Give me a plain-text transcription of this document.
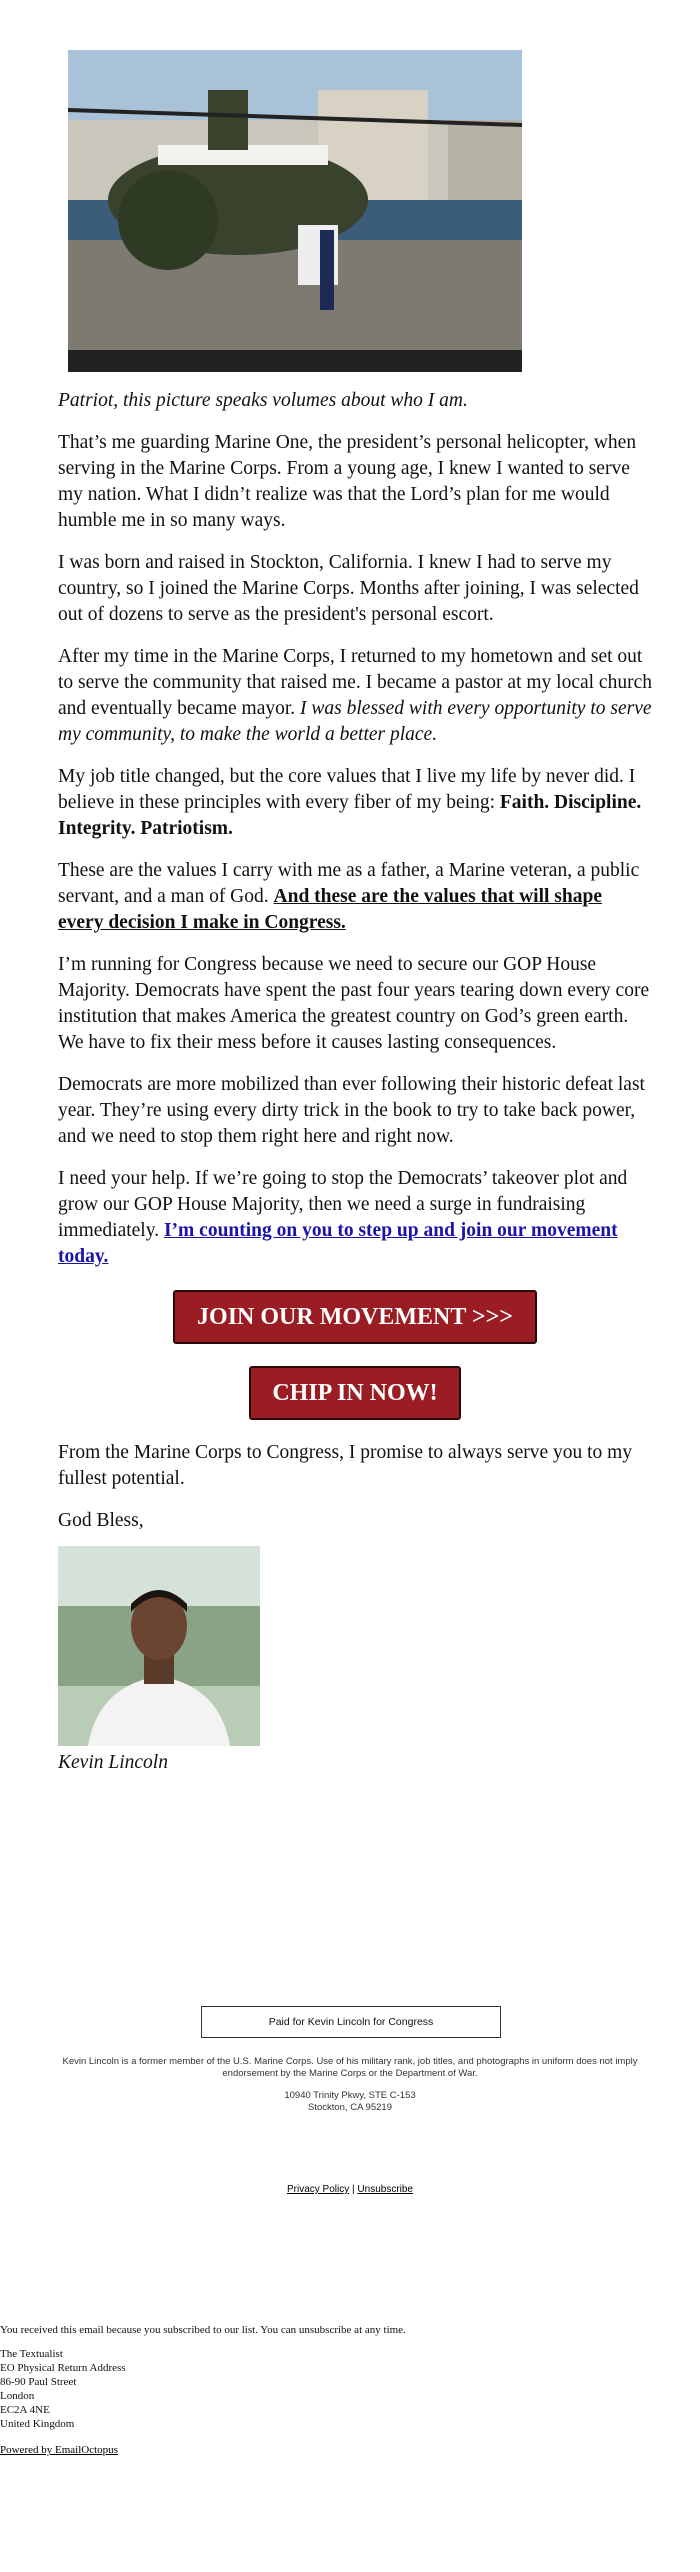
Patriot, this picture speaks volumes about who I am.

That’s me guarding Marine One, the president’s personal helicopter, when serving in the Marine Corps. From a young age, I knew I wanted to serve my nation. What I didn’t realize was that the Lord’s plan for me would humble me in so many ways.

I was born and raised in Stockton, California. I knew I had to serve my country, so I joined the Marine Corps. Months after joining, I was selected out of dozens to serve as the president's personal escort.

After my time in the Marine Corps, I returned to my hometown and set out to serve the community that raised me. I became a pastor at my local church and eventually became mayor. I was blessed with every opportunity to serve my community, to make the world a better place.

My job title changed, but the core values that I live my life by never did. I believe in these principles with every fiber of my being: Faith. Discipline. Integrity. Patriotism.

These are the values I carry with me as a father, a Marine veteran, a public servant, and a man of God. And these are the values that will shape every decision I make in Congress.

I’m running for Congress because we need to secure our GOP House Majority. Democrats have spent the past four years tearing down every core institution that makes America the greatest country on God’s green earth. We have to fix their mess before it causes lasting consequences.

Democrats are more mobilized than ever following their historic defeat last year. They’re using every dirty trick in the book to try to take back power, and we need to stop them right here and right now.

I need your help. If we’re going to stop the Democrats’ takeover plot and grow our GOP House Majority, then we need a surge in fundraising immediately. I’m counting on you to step up and join our movement today.

JOIN OUR MOVEMENT >>>
CHIP IN NOW!

From the Marine Corps to Congress, I promise to always serve you to my fullest potential.

God Bless,

Kevin Lincoln
Paid for Kevin Lincoln for Congress
Kevin Lincoln is a former member of the U.S. Marine Corps. Use of his military rank, job titles, and photographs in uniform does not imply endorsement by the Marine Corps or the Department of War.
10940 Trinity Pkwy, STE C-153
Stockton, CA 95219
Privacy Policy | Unsubscribe
You received this email because you subscribed to our list. You can unsubscribe at any time.
The Textualist
EO Physical Return Address
86-90 Paul Street
London
EC2A 4NE
United Kingdom
Powered by EmailOctopus
